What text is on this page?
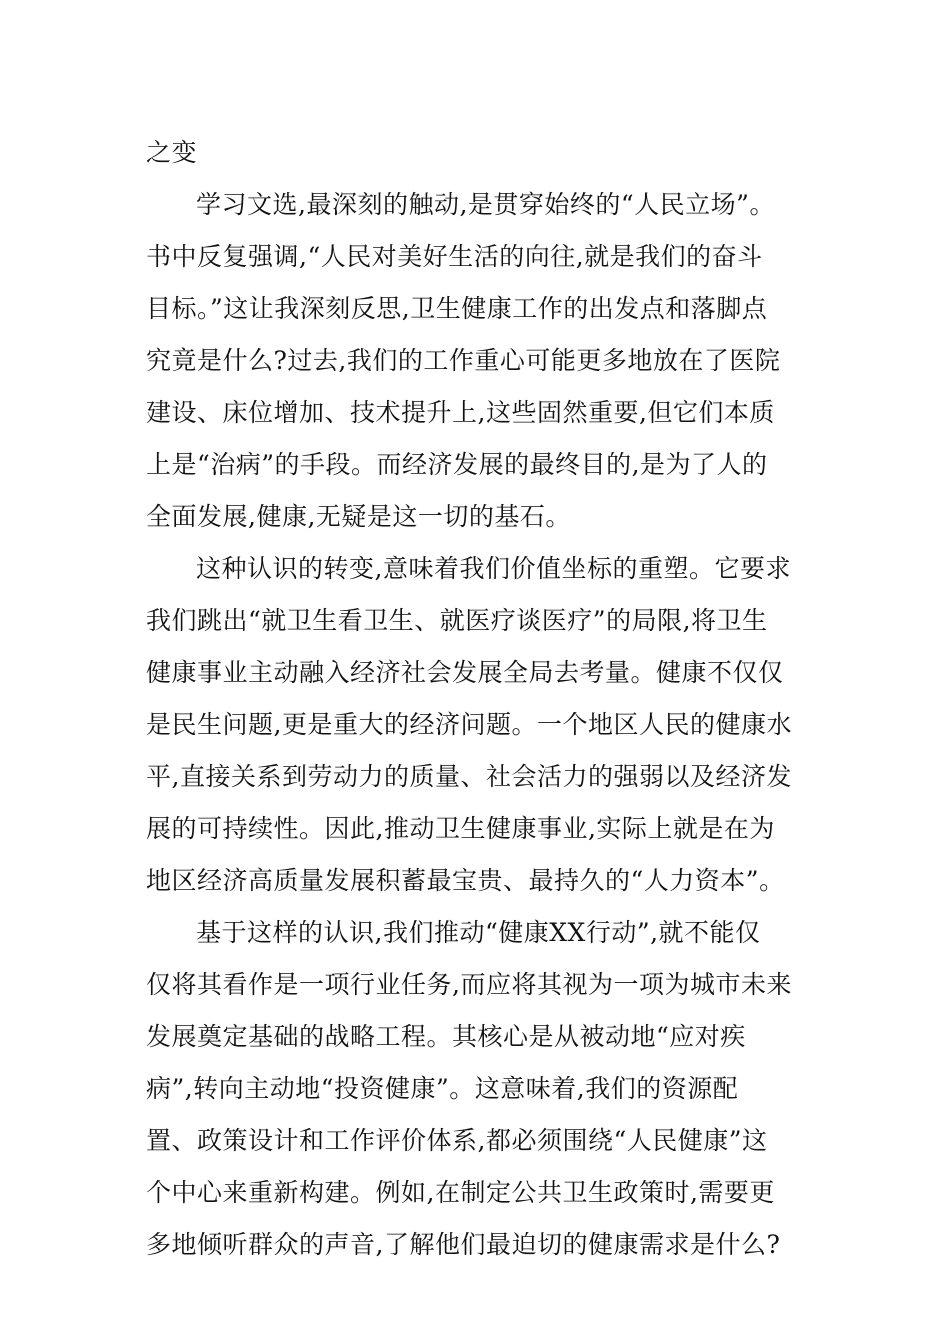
之变
学习文选,最深刻的触动,是贯穿始终的“人民立场”。
书中反复强调,“人民对美好生活的向往,就是我们的奋斗
目标。”这让我深刻反思,卫生健康工作的出发点和落脚点
究竟是什么?过去,我们的工作重心可能更多地放在了医院
建设、床位增加、技术提升上,这些固然重要,但它们本质
上是“治病”的手段。而经济发展的最终目的,是为了人的
全面发展,健康,无疑是这一切的基石。
这种认识的转变,意味着我们价值坐标的重塑。它要求
我们跳出“就卫生看卫生、就医疗谈医疗”的局限,将卫生
健康事业主动融入经济社会发展全局去考量。健康不仅仅
是民生问题,更是重大的经济问题。一个地区人民的健康水
平,直接关系到劳动力的质量、社会活力的强弱以及经济发
展的可持续性。因此,推动卫生健康事业,实际上就是在为
地区经济高质量发展积蓄最宝贵、最持久的“人力资本”。
基于这样的认识,我们推动“健康XX行动”,就不能仅
仅将其看作是一项行业任务,而应将其视为一项为城市未来
发展奠定基础的战略工程。其核心是从被动地“应对疾
病”,转向主动地“投资健康”。这意味着,我们的资源配
置、政策设计和工作评价体系,都必须围绕“人民健康”这
个中心来重新构建。例如,在制定公共卫生政策时,需要更
多地倾听群众的声音,了解他们最迫切的健康需求是什么?
